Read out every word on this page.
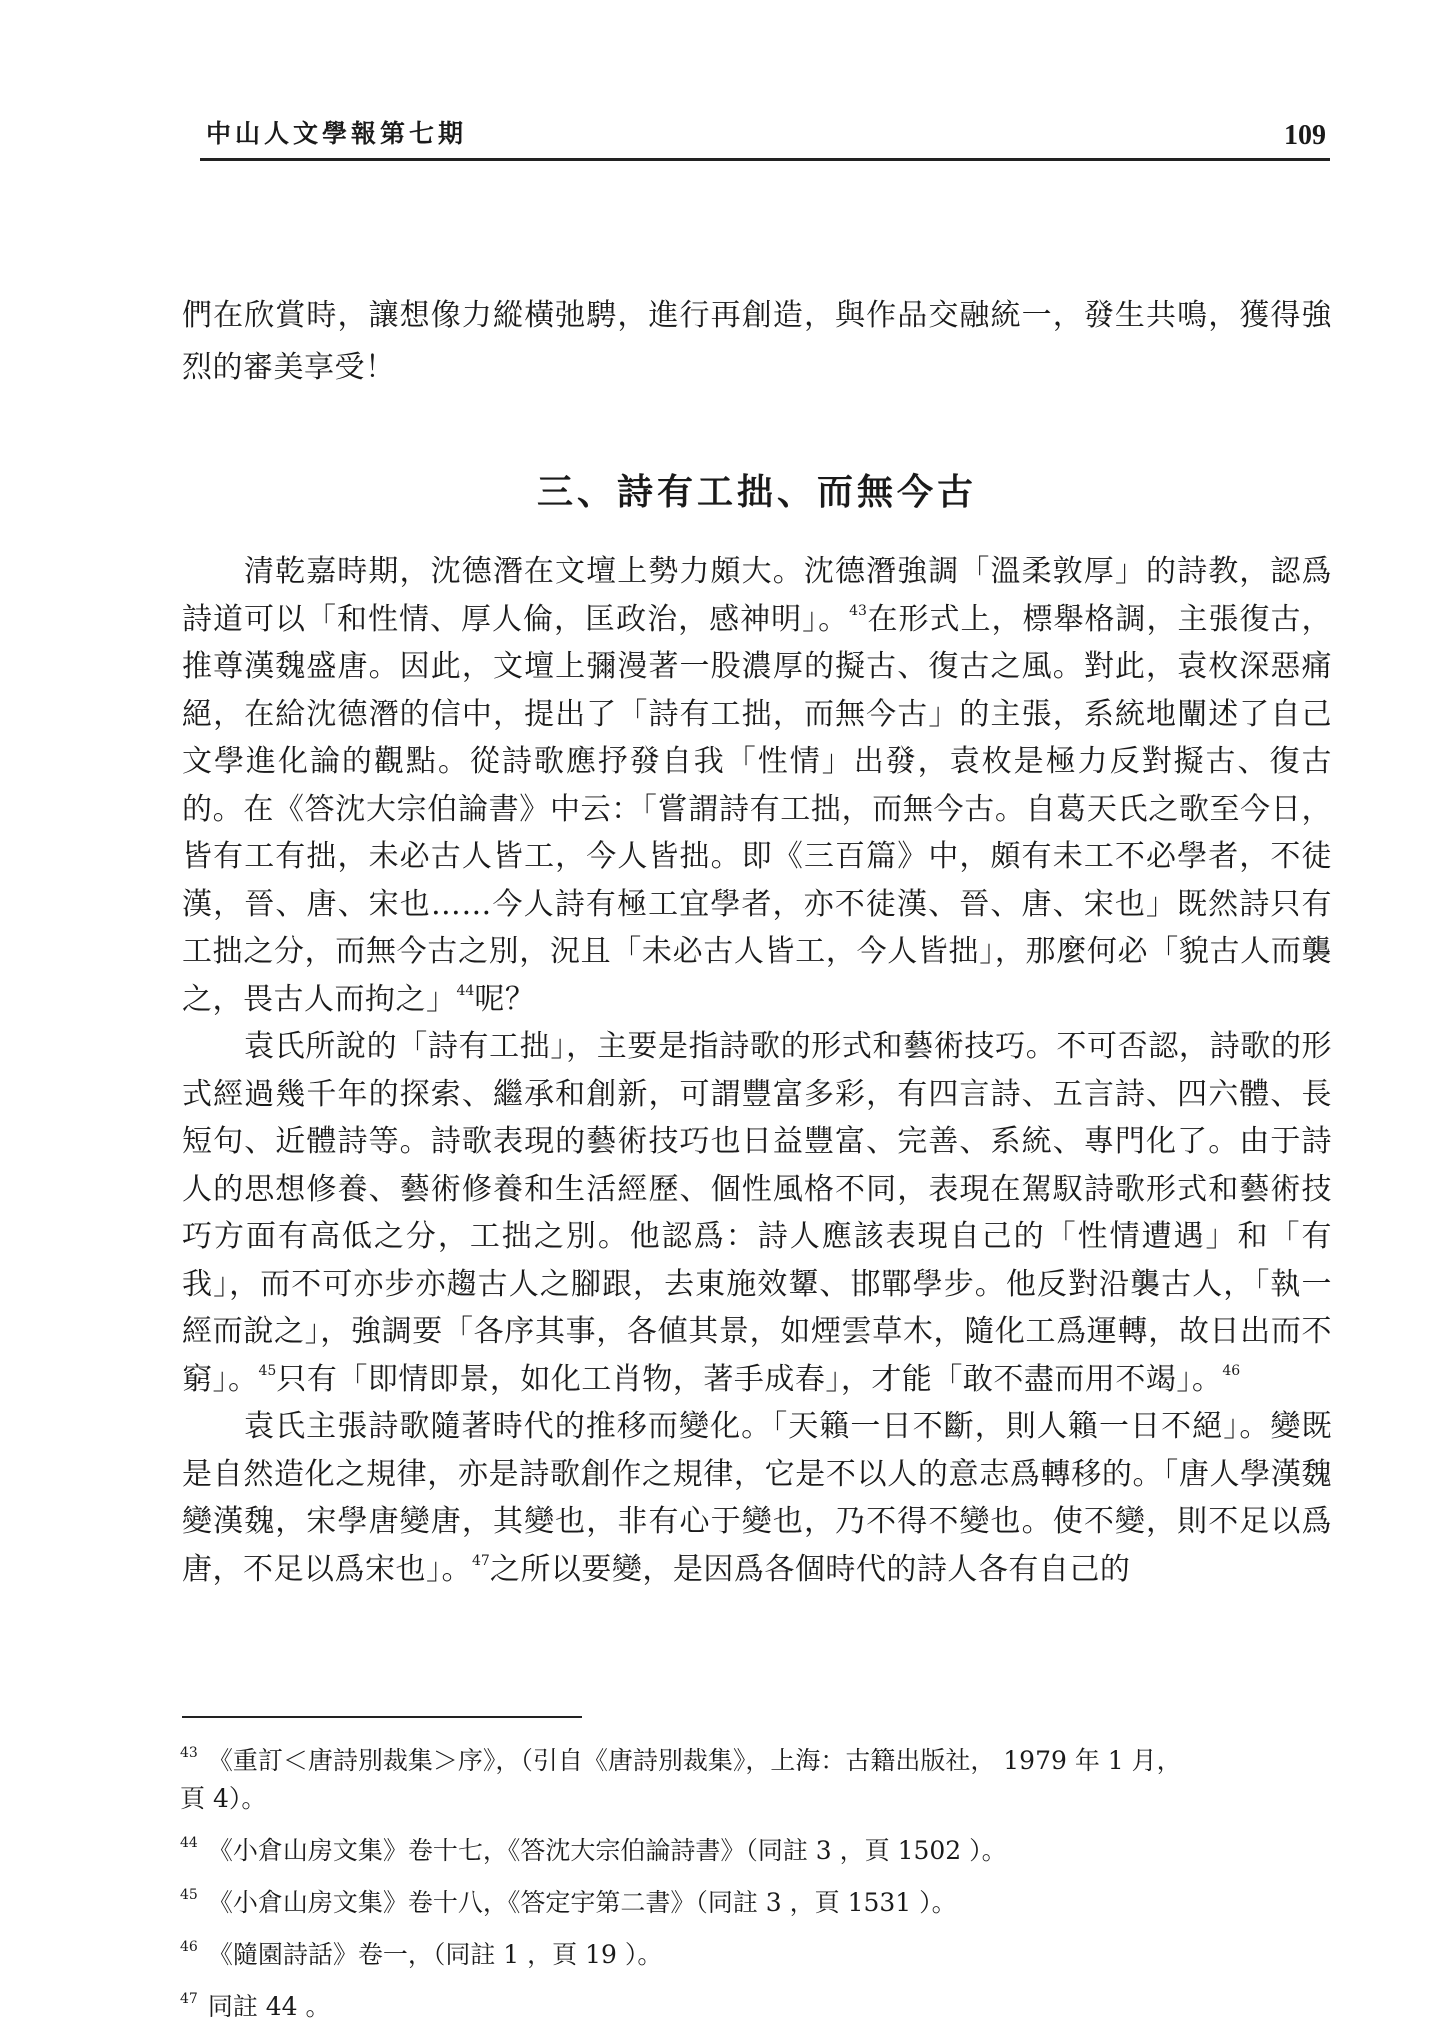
中山人文學報第七期	109

們在欣賞時，讓想像力縱橫弛騁，進行再創造，與作品交融統一，發生共鳴，獲得強烈的審美享受！

三、詩有工拙、而無今古

清乾嘉時期，沈德潛在文壇上勢力頗大。沈德潛強調「溫柔敦厚」的詩教，認爲詩道可以「和性情、厚人倫，匡政治，感神明」。$^{43}$在形式上，標舉格調，主張復古，推尊漢魏盛唐。因此，文壇上彌漫著一股濃厚的擬古、復古之風。對此，袁枚深惡痛絕，在給沈德潛的信中，提出了「詩有工拙，而無今古」的主張，系統地闡述了自己文學進化論的觀點。從詩歌應抒發自我「性情」出發，袁枚是極力反對擬古、復古的。在《答沈大宗伯論書》中云：「嘗謂詩有工拙，而無今古。自葛天氏之歌至今日，皆有工有拙，未必古人皆工，今人皆拙。即《三百篇》中，頗有未工不必學者，不徒漢，晉、唐、宋也……今人詩有極工宜學者，亦不徒漢、晉、唐、宋也」既然詩只有工拙之分，而無今古之別，況且「未必古人皆工，今人皆拙」，那麼何必「貌古人而襲之，畏古人而拘之」$^{44}$呢？

袁氏所說的「詩有工拙」，主要是指詩歌的形式和藝術技巧。不可否認，詩歌的形式經過幾千年的探索、繼承和創新，可謂豐富多彩，有四言詩、五言詩、四六體、長短句、近體詩等。詩歌表現的藝術技巧也日益豐富、完善、系統、專門化了。由于詩人的思想修養、藝術修養和生活經歷、個性風格不同，表現在駕馭詩歌形式和藝術技巧方面有高低之分，工拙之別。他認爲：詩人應該表現自己的「性情遭遇」和「有我」，而不可亦步亦趨古人之腳跟，去東施效顰、邯鄲學步。他反對沿襲古人，「執一經而說之」，強調要「各序其事，各値其景，如煙雲草木，隨化工爲運轉，故日出而不窮」。$^{45}$只有「即情即景，如化工肖物，著手成春」，才能「敢不盡而用不竭」。$^{46}$

袁氏主張詩歌隨著時代的推移而變化。「天籟一日不斷，則人籟一日不絕」。變既是自然造化之規律，亦是詩歌創作之規律，它是不以人的意志爲轉移的。「唐人學漢魏變漢魏，宋學唐變唐，其變也，非有心于變也，乃不得不變也。使不變，則不足以爲唐，不足以爲宋也」。$^{47}$之所以要變，是因爲各個時代的詩人各有自己的

$^{43}$ 《重訂＜唐詩別裁集＞序》，（引自《唐詩別裁集》，上海：古籍出版社， 1979 年 1 月，
頁 4）。
$^{44}$ 《小倉山房文集》卷十七，《答沈大宗伯論詩書》（同註 3 ，頁 1502 ）。
$^{45}$ 《小倉山房文集》卷十八，《答定宇第二書》（同註 3 ，頁 1531 ）。
$^{46}$ 《隨園詩話》卷一，（同註 1 ，頁 19 ）。
$^{47}$ 同註 44 。
